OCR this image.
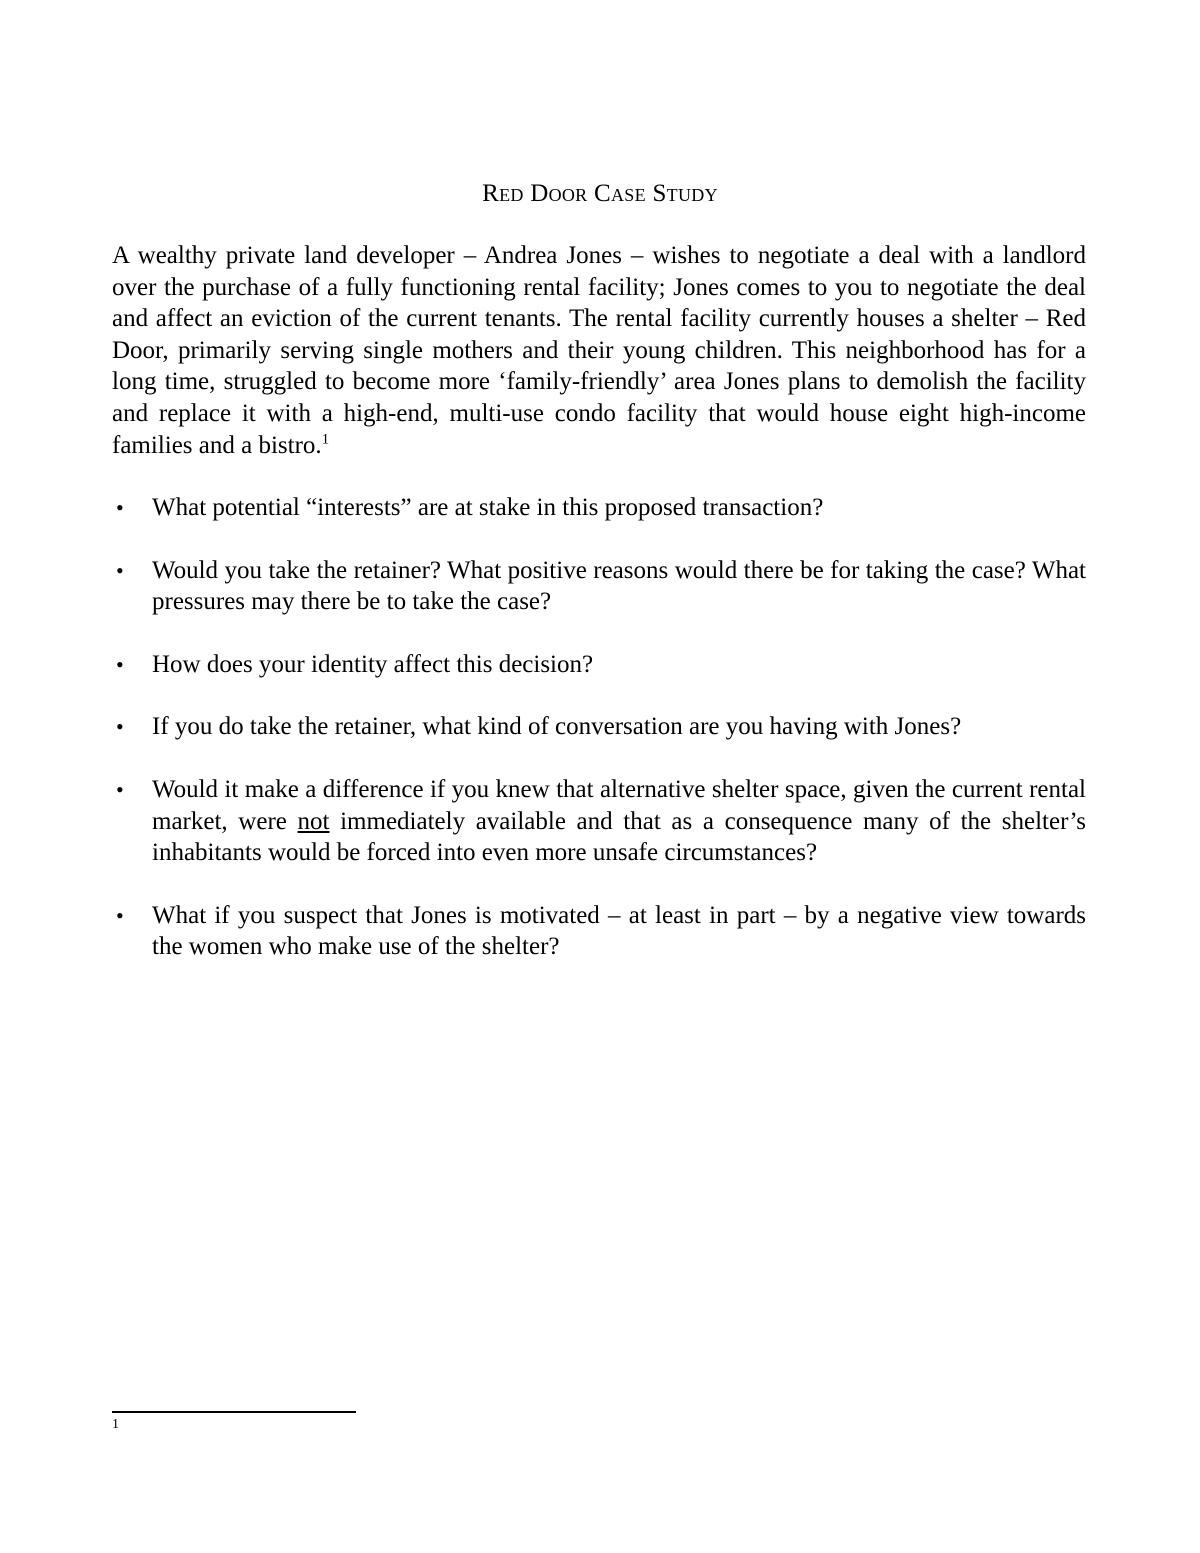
Red Door Case Study

A wealthy private land developer – Andrea Jones – wishes to negotiate a deal with a landlord over the purchase of a fully functioning rental facility; Jones comes to you to negotiate the deal and affect an eviction of the current tenants. The rental facility currently houses a shelter – Red Door, primarily serving single mothers and their young children. This neighborhood has for a long time, struggled to become more ‘family-friendly’ area Jones plans to demolish the facility and replace it with a high-end, multi-use condo facility that would house eight high-income families and a bistro.$^1$

• What potential “interests” are at stake in this proposed transaction?
• Would you take the retainer? What positive reasons would there be for taking the case? What pressures may there be to take the case?
• How does your identity affect this decision?
• If you do take the retainer, what kind of conversation are you having with Jones?
• Would it make a difference if you knew that alternative shelter space, given the current rental market, were not immediately available and that as a consequence many of the shelter’s inhabitants would be forced into even more unsafe circumstances?
• What if you suspect that Jones is motivated – at least in part – by a negative view towards the women who make use of the shelter?
1
